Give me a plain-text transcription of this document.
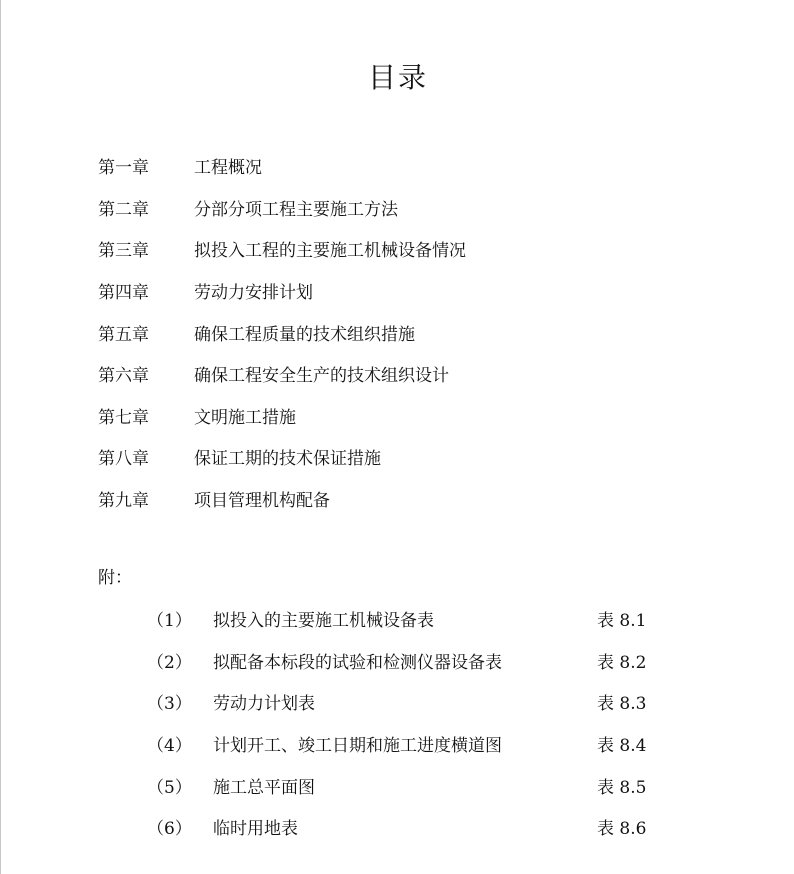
目录
第一章	工程概况
第二章	分部分项工程主要施工方法
第三章	拟投入工程的主要施工机械设备情况
第四章	劳动力安排计划
第五章	确保工程质量的技术组织措施
第六章	确保工程安全生产的技术组织设计
第七章	文明施工措施
第八章	保证工期的技术保证措施
第九章	项目管理机构配备
附：
（1）	拟投入的主要施工机械设备表	表 8.1
（2）	拟配备本标段的试验和检测仪器设备表	表 8.2
（3）	劳动力计划表	表 8.3
（4）	计划开工、竣工日期和施工进度横道图	表 8.4
（5）	施工总平面图	表 8.5
（6）	临时用地表	表 8.6
